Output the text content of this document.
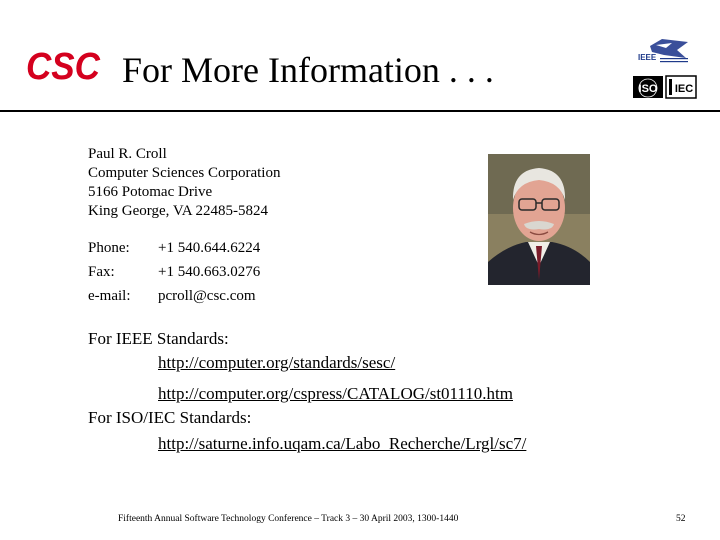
CSC For More Information . . .	IEEE
ISO IEC
Paul R. Croll
Computer Sciences Corporation
5166 Potomac Drive
King George, VA 22485-5824
Phone: +1 540.644.6224
Fax:	+1 540.663.0276
e-mail: pcroll@csc.com
For IEEE Standards:
http://computer.org/standards/sesc/
http://computer.org/cspress/CATALOG/st01110.htm
For ISO/IEC Standards:
http://saturne.info.uqam.ca/Labo_Recherche/Lrgl/sc7/
Fifteenth Annual Software Technology Conference – Track 3 – 30 April 2003, 1300-1440	52
